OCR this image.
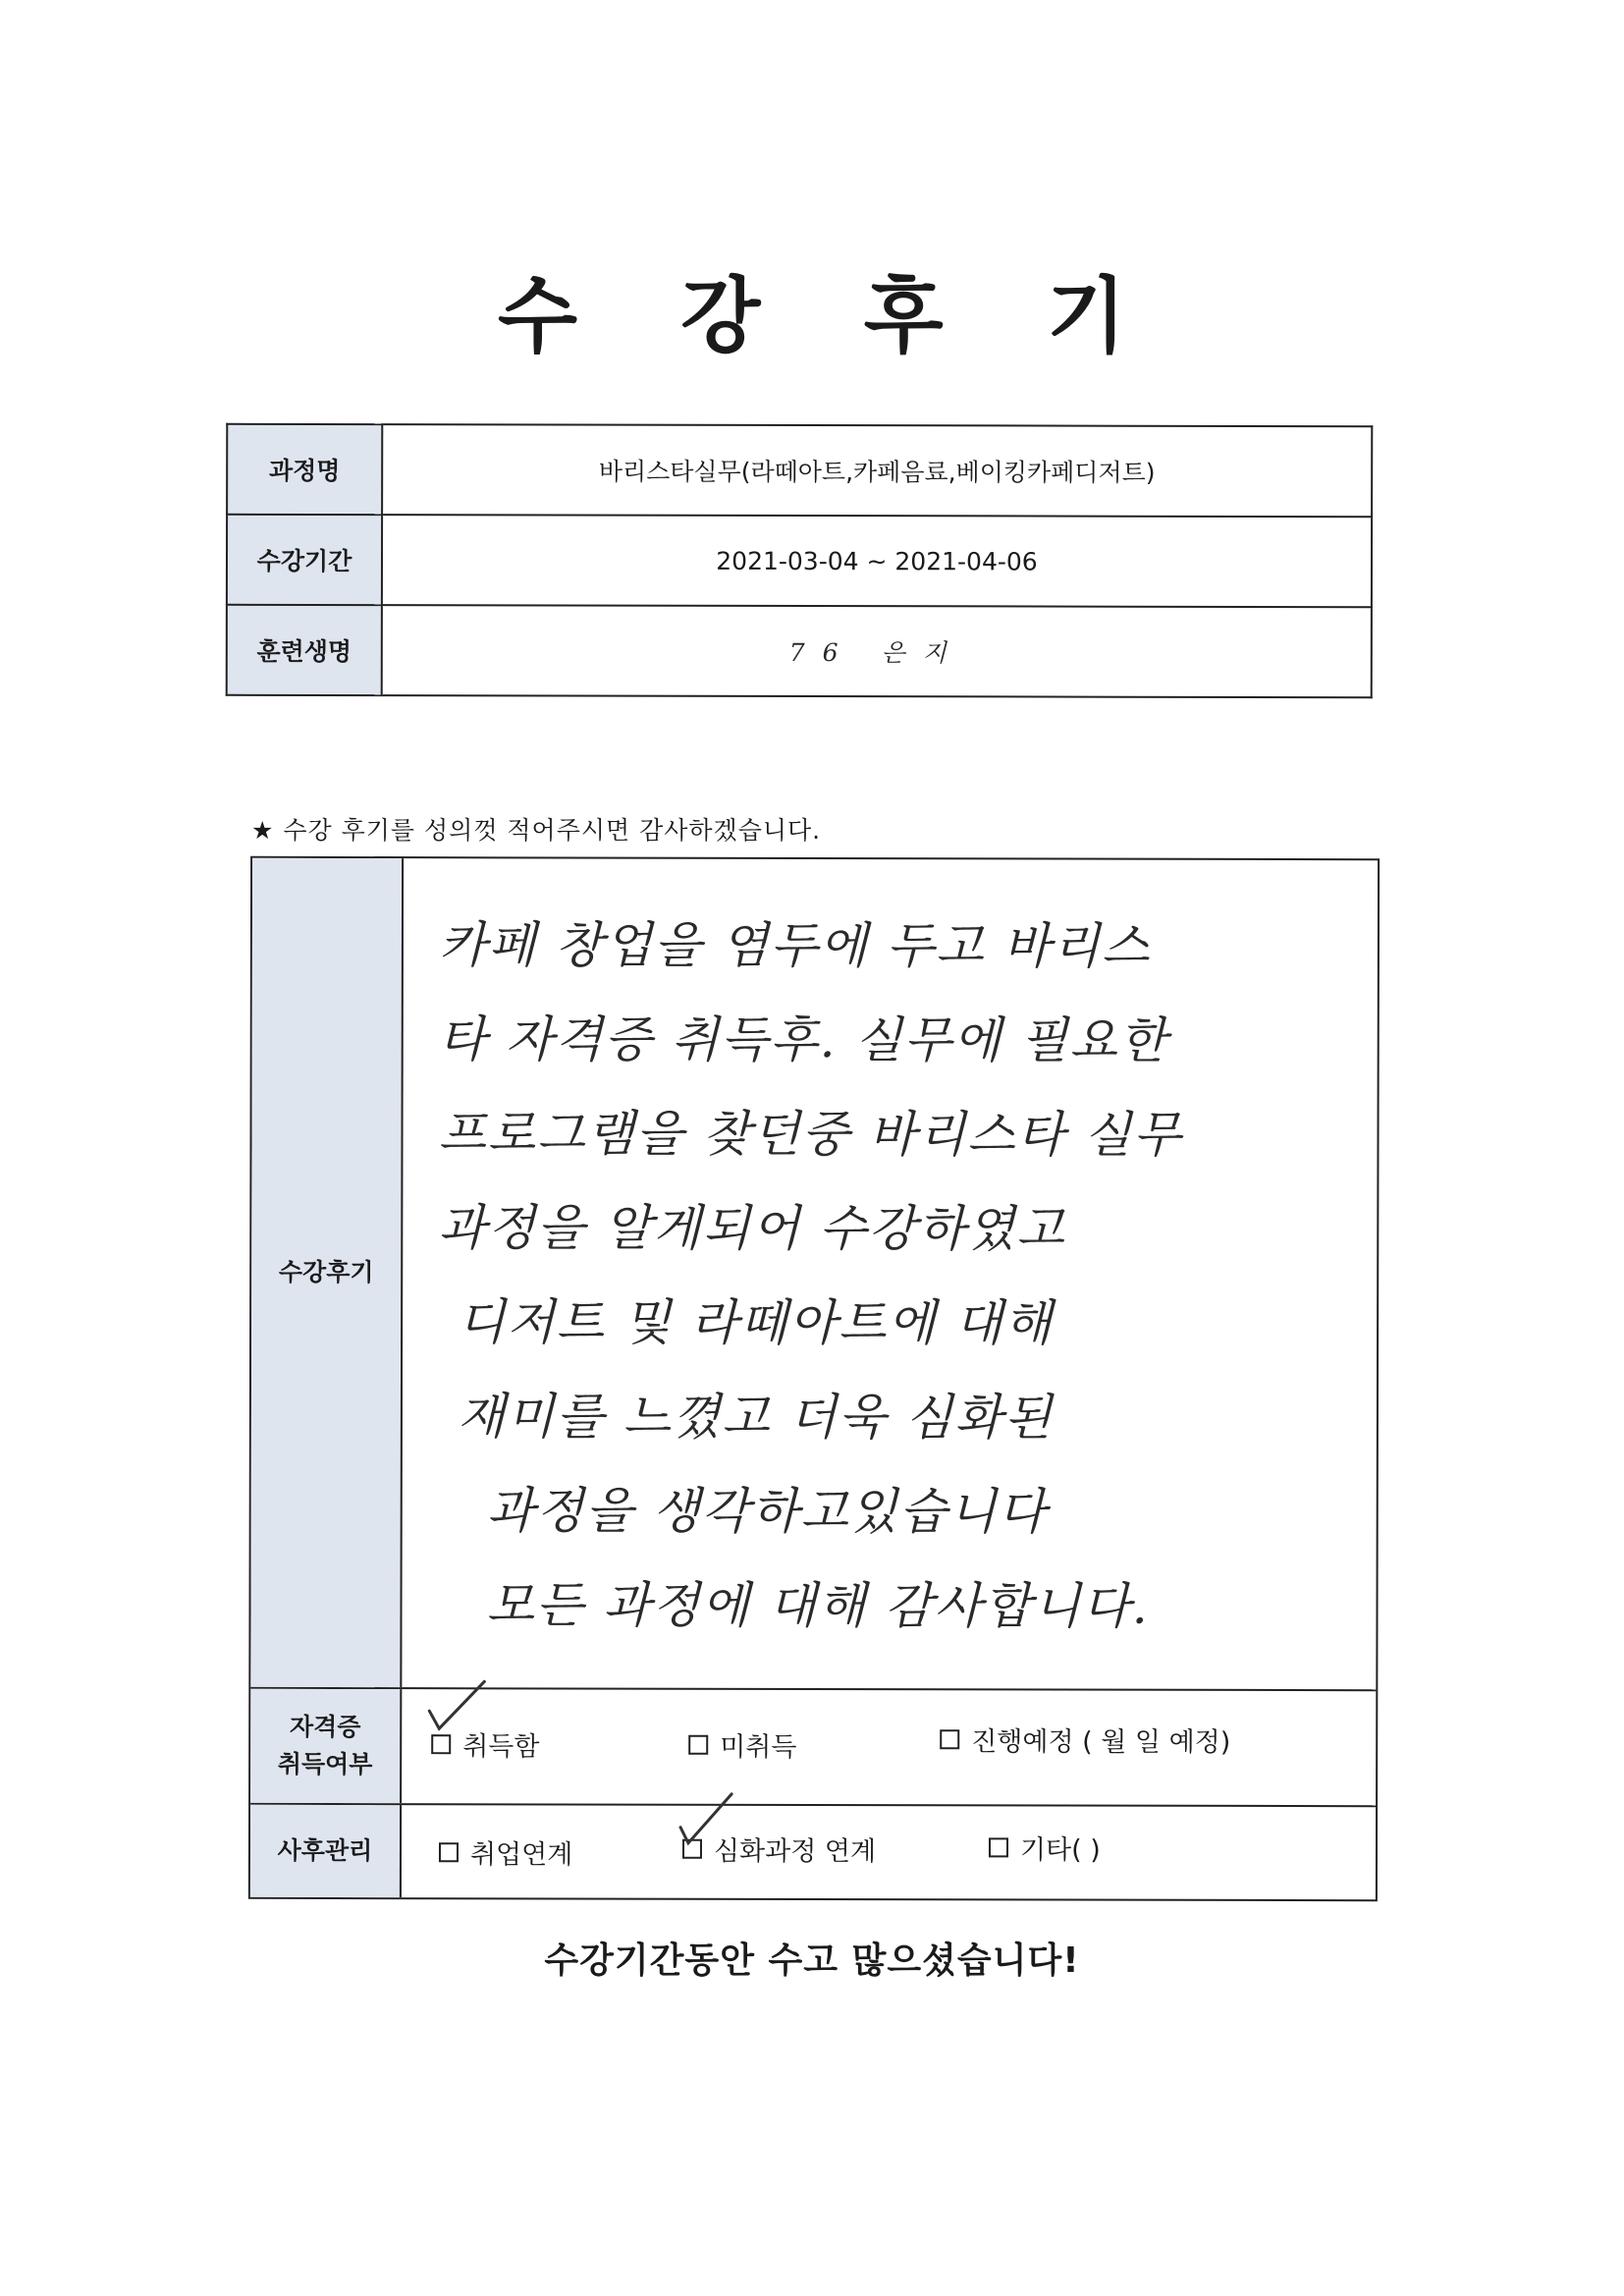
수 강 후 기
과정명	바리스타실무(라떼아트,카페음료,베이킹카페디저트)
수강기간	2021-03-04 ~ 2021-04-06
훈련생명	76 은지
★ 수강 후기를 성의껏 적어주시면 감사하겠습니다.
수강후기
카페 창업을 염두에 두고 바리스
타 자격증 취득후. 실무에 필요한
프로그램을 찾던중 바리스타 실무
과정을 알게되어 수강하였고
디저트 및 라떼아트에 대해
재미를 느꼈고 더욱 심화된
과정을 생각하고있습니다
모든 과정에 대해 감사합니다.
자격증
취득여부
취득함	미취득	진행예정 ( 월 일 예정)
사후관리	취업연계	심화과정 연계	기타( )
수강기간동안 수고 많으셨습니다!
